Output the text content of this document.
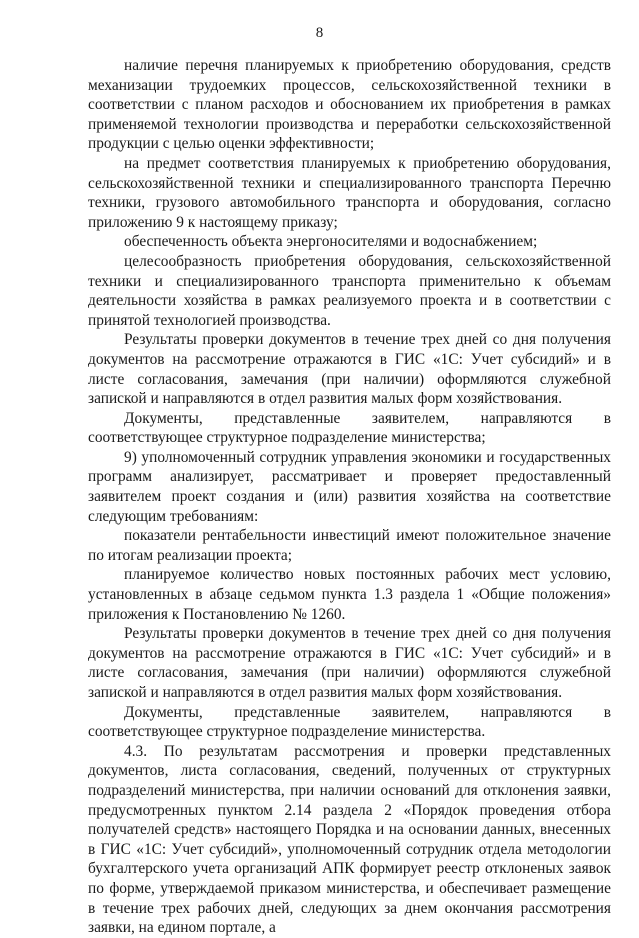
8

наличие перечня планируемых к приобретению оборудования, средств механизации трудоемких процессов, сельскохозяйственной техники в соответствии с планом расходов и обоснованием их приобретения в рамках применяемой технологии производства и переработки сельскохозяйственной продукции с целью оценки эффективности;

на предмет соответствия планируемых к приобретению оборудования, сельскохозяйственной техники и специализированного транспорта Перечню техники, грузового автомобильного транспорта и оборудования, согласно приложению 9 к настоящему приказу;

обеспеченность объекта энергоносителями и водоснабжением;

целесообразность приобретения оборудования, сельскохозяйственной техники и специализированного транспорта применительно к объемам деятельности хозяйства в рамках реализуемого проекта и в соответствии с принятой технологией производства.

Результаты проверки документов в течение трех дней со дня получения документов на рассмотрение отражаются в ГИС «1С: Учет субсидий» и в листе согласования, замечания (при наличии) оформляются служебной запиской и направляются в отдел развития малых форм хозяйствования.

Документы, представленные заявителем, направляются в соответствующее структурное подразделение министерства;

9) уполномоченный сотрудник управления экономики и государственных программ анализирует, рассматривает и проверяет предоставленный заявителем проект создания и (или) развития хозяйства на соответствие следующим требованиям:

показатели рентабельности инвестиций имеют положительное значение по итогам реализации проекта;

планируемое количество новых постоянных рабочих мест условию, установленных в абзаце седьмом пункта 1.3 раздела 1 «Общие положения» приложения к Постановлению № 1260.

Результаты проверки документов в течение трех дней со дня получения документов на рассмотрение отражаются в ГИС «1С: Учет субсидий» и в листе согласования, замечания (при наличии) оформляются служебной запиской и направляются в отдел развития малых форм хозяйствования.

Документы, представленные заявителем, направляются в соответствующее структурное подразделение министерства.

4.3. По результатам рассмотрения и проверки представленных документов, листа согласования, сведений, полученных от структурных подразделений министерства, при наличии оснований для отклонения заявки, предусмотренных пунктом 2.14 раздела 2 «Порядок проведения отбора получателей средств» настоящего Порядка и на основании данных, внесенных в ГИС «1С: Учет субсидий», уполномоченный сотрудник отдела методологии бухгалтерского учета организаций АПК формирует реестр отклоненых заявок по форме, утверждаемой приказом министерства, и обеспечивает размещение в течение трех рабочих дней, следующих за днем окончания рассмотрения заявки, на едином портале, а
